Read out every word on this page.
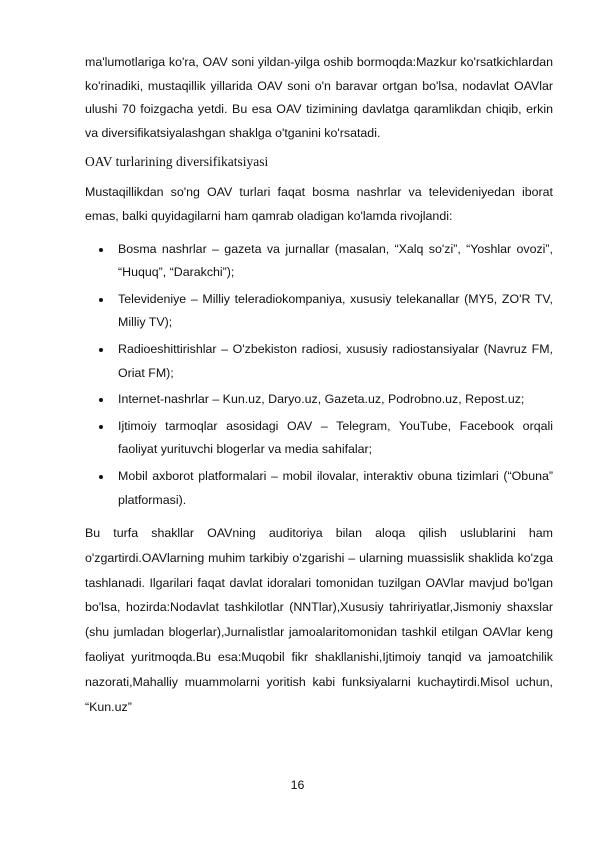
ma'lumotlariga ko'ra, OAV soni yildan-yilga oshib bormoqda:Mazkur ko'rsatkichlardan ko'rinadiki, mustaqillik yillarida OAV soni o'n baravar ortgan bo'lsa, nodavlat OAVlar ulushi 70 foizgacha yetdi. Bu esa OAV tizimining davlatga qaramlikdan chiqib, erkin va diversifikatsiyalashgan shaklga o'tganini ko'rsatadi.

OAV turlarining diversifikatsiyasi

Mustaqillikdan so'ng OAV turlari faqat bosma nashrlar va televideniyedan iborat emas, balki quyidagilarni ham qamrab oladigan ko'lamda rivojlandi:

Bosma nashrlar – gazeta va jurnallar (masalan, “Xalq so'zi”, “Yoshlar ovozi”, “Huquq”, “Darakchi”);
Televideniye – Milliy teleradiokompaniya, xususiy telekanallar (MY5, ZO'R TV, Milliy TV);
Radioeshittirishlar – O'zbekiston radiosi, xususiy radiostansiyalar (Navruz FM, Oriat FM);
Internet-nashrlar – Kun.uz, Daryo.uz, Gazeta.uz, Podrobno.uz, Repost.uz;
Ijtimoiy tarmoqlar asosidagi OAV – Telegram, YouTube, Facebook orqali faoliyat yurituvchi blogerlar va media sahifalar;
Mobil axborot platformalari – mobil ilovalar, interaktiv obuna tizimlari (“Obuna” platformasi).

Bu turfa shakllar OAVning auditoriya bilan aloqa qilish uslublarini ham o'zgartirdi.OAVlarning muhim tarkibiy o'zgarishi – ularning muassislik shaklida ko'zga tashlanadi. Ilgarilari faqat davlat idoralari tomonidan tuzilgan OAVlar mavjud bo'lgan bo'lsa, hozirda:Nodavlat tashkilotlar (NNTlar),Xususiy tahririyatlar,Jismoniy shaxslar (shu jumladan blogerlar),Jurnalistlar jamoalaritomonidan tashkil etilgan OAVlar keng faoliyat yuritmoqda.Bu esa:Muqobil fikr shakllanishi,Ijtimoiy tanqid va jamoatchilik nazorati,Mahalliy muammolarni yoritish kabi funksiyalarni kuchaytirdi.Misol uchun, “Kun.uz”

16
